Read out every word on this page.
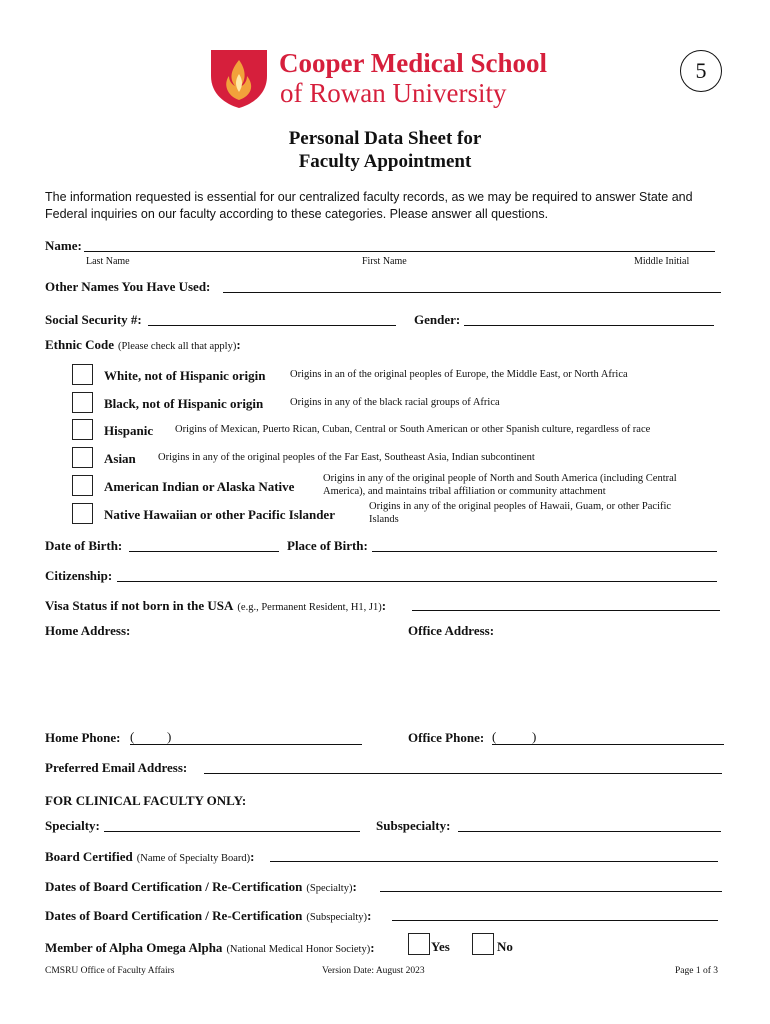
Cooper Medical School
of Rowan University
5
Personal Data Sheet for
Faculty Appointment
The information requested is essential for our centralized faculty records, as we may be required to answer State and Federal inquiries on our faculty according to these categories. Please answer all questions.
Name:
Last Name	First Name	Middle Initial
Other Names You Have Used:
Social Security #:	Gender:
Ethnic Code (Please check all that apply):
White, not of Hispanic origin Origins in an of the original peoples of Europe, the Middle East, or North Africa
Black, not of Hispanic origin	Origins in any of the black racial groups of Africa
Hispanic Origins of Mexican, Puerto Rican, Cuban, Central or South American or other Spanish culture, regardless of race
Asian Origins in any of the original peoples of the Far East, Southeast Asia, Indian subcontinent
American Indian or Alaska Native
Origins in any of the original people of North and South America (including Central
America), and maintains tribal affiliation or community attachment
Native Hawaiian or other Pacific Islander
Origins in any of the original peoples of Hawaii, Guam, or other Pacific
Islands
Date of Birth:	Place of Birth:
Citizenship:
Visa Status if not born in the USA (e.g., Permanent Resident, H1, J1):
Home Address:	Office Address:
Home Phone: (	)	Office Phone: (	)
Preferred Email Address:
FOR CLINICAL FACULTY ONLY:
Specialty:	Subspecialty:
Board Certified (Name of Specialty Board):
Dates of Board Certification / Re-Certification (Specialty):
Dates of Board Certification / Re-Certification (Subspecialty):
Member of Alpha Omega Alpha (National Medical Honor Society):	Yes	No
CMSRU Office of Faculty Affairs	Version Date: August 2023	Page 1 of 3
